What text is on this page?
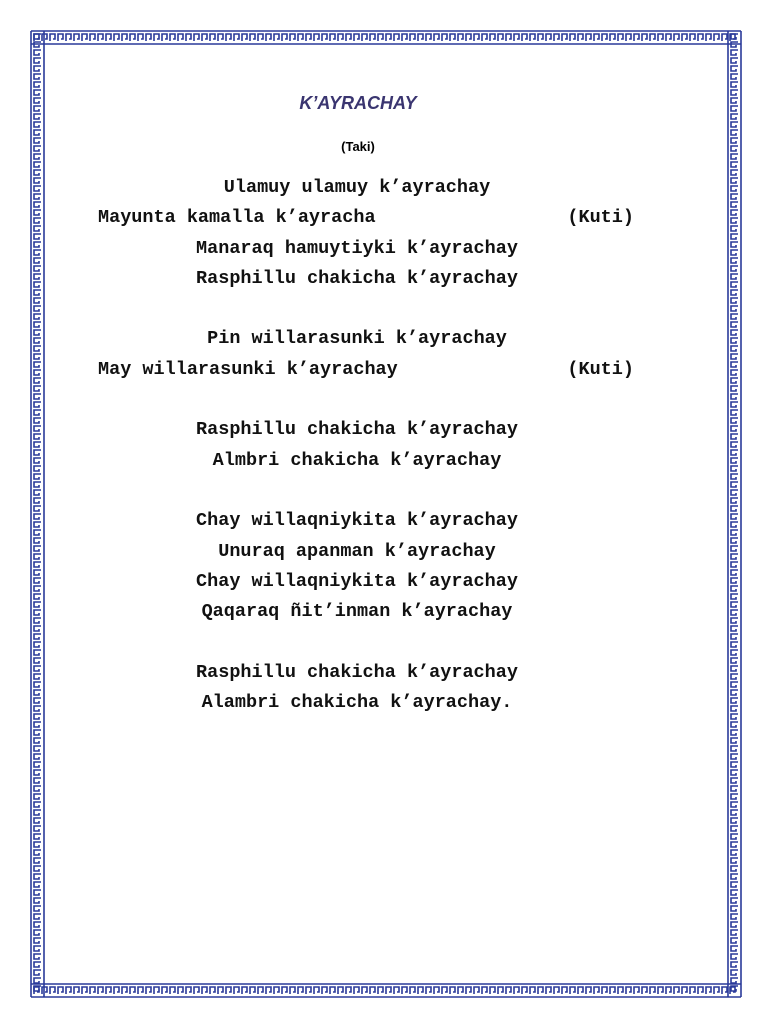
K’AYRACHAY
(Taki)
Ulamuy ulamuy k’ayrachay
Mayunta kamalla k’ayracha	(Kuti)
Manaraq hamuytiyki k’ayrachay
Rasphillu chakicha k’ayrachay
Pin willarasunki k’ayrachay
May willarasunki k’ayrachay	(Kuti)
Rasphillu chakicha k’ayrachay
Almbri chakicha k’ayrachay
Chay willaqniykita k’ayrachay
Unuraq apanman k’ayrachay
Chay willaqniykita k’ayrachay
Qaqaraq ñit’inman k’ayrachay
Rasphillu chakicha k’ayrachay
Alambri chakicha k’ayrachay.
